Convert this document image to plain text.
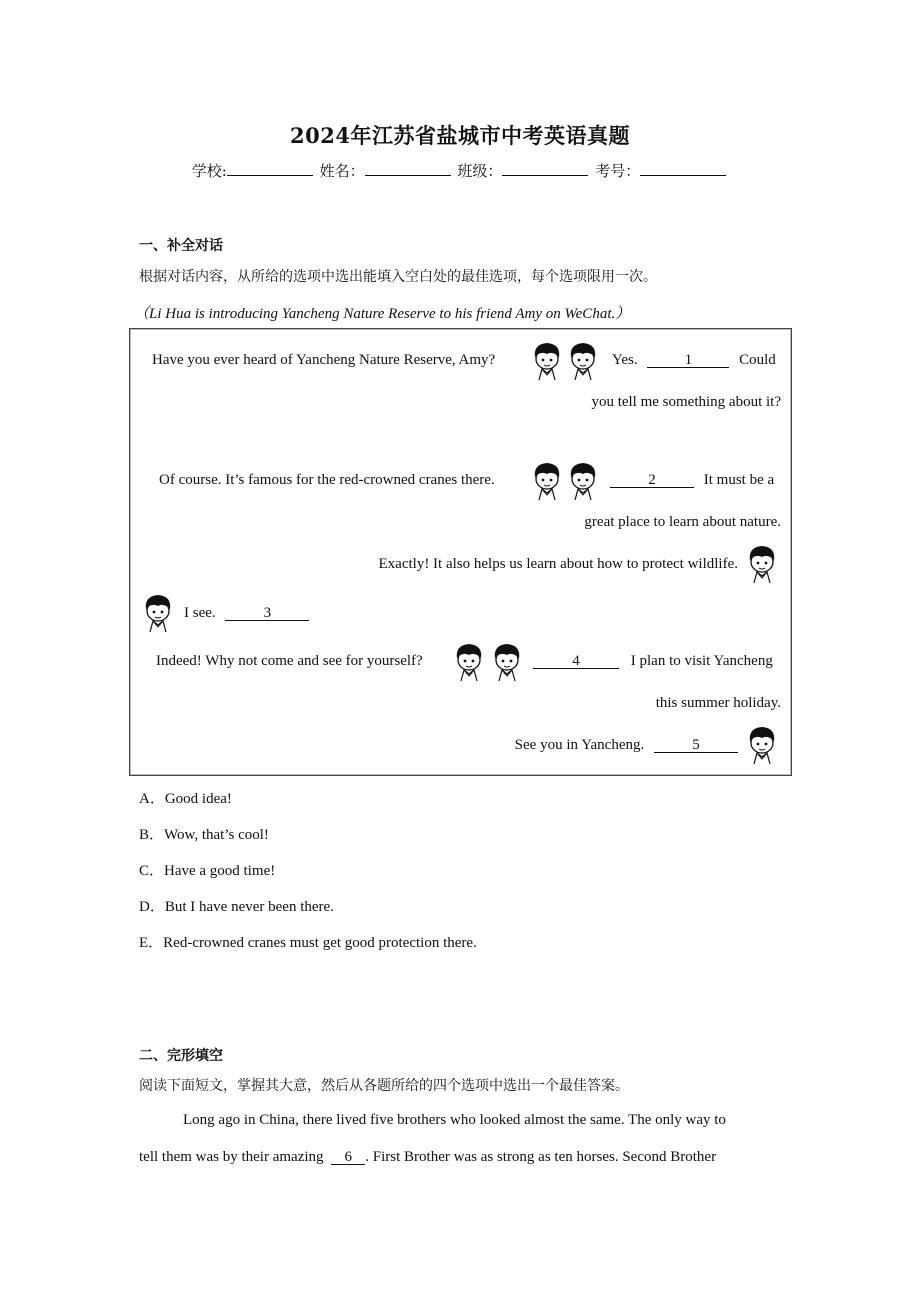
2024年江苏省盐城市中考英语真题
学校:	姓名：	班级：	考号：
一、补全对话
根据对话内容，从所给的选项中选出能填入空白处的最佳选项，每个选项限用一次。
（Li Hua is introducing Yancheng Nature Reserve to his friend Amy on WeChat.）
Have you ever heard of Yancheng Nature Reserve, Amy?	Yes.	1	Could
you tell me something about it?
Of course. It’s famous for the red-crowned cranes there.	2	It must be a
great place to learn about nature.
Exactly! It also helps us learn about how to protect wildlife.
I see.	3
Indeed! Why not come and see for yourself?	4	I plan to visit Yancheng
this summer holiday.
See you in Yancheng.	5
A．Good idea!
B．Wow, that’s cool!
C．Have a good time!
D．But I have never been there.
E．Red-crowned cranes must get good protection there.
二、完形填空
阅读下面短文，掌握其大意，然后从各题所给的四个选项中选出一个最佳答案。
Long ago in China, there lived five brothers who looked almost the same. The only way to
tell them was by their amazing 6 . First Brother was as strong as ten horses. Second Brother
